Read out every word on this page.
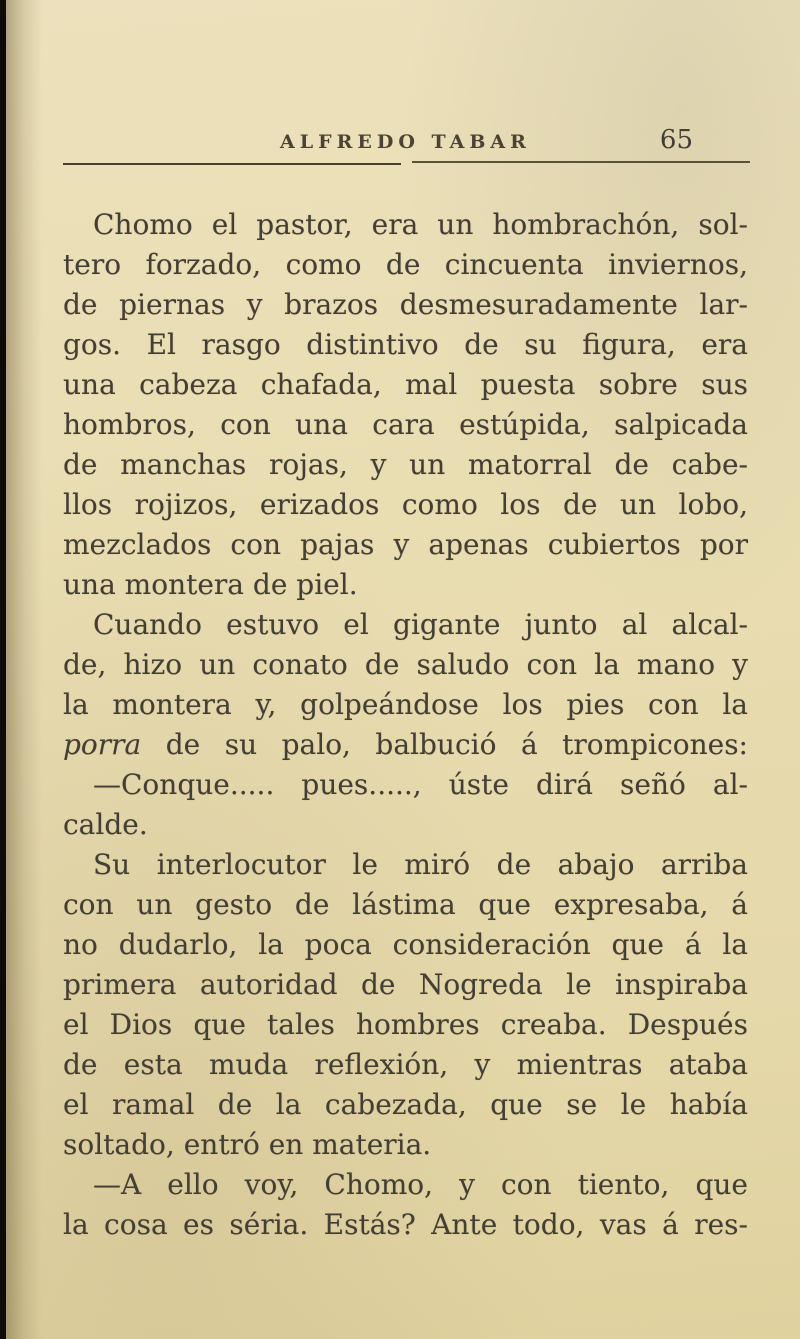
ALFREDO TABAR	65
Chomo el pastor, era un hombrachón, sol-
tero forzado, como de cincuenta inviernos,
de piernas y brazos desmesuradamente lar-
gos. El rasgo distintivo de su figura, era
una cabeza chafada, mal puesta sobre sus
hombros, con una cara estúpida, salpicada
de manchas rojas, y un matorral de cabe-
llos rojizos, erizados como los de un lobo,
mezclados con pajas y apenas cubiertos por
una montera de piel.
Cuando estuvo el gigante junto al alcal-
de, hizo un conato de saludo con la mano y
la montera y, golpeándose los pies con la
porra de su palo, balbució á trompicones:
—Conque..... pues....., úste dirá señó al-
calde.
Su interlocutor le miró de abajo arriba
con un gesto de lástima que expresaba, á
no dudarlo, la poca consideración que á la
primera autoridad de Nogreda le inspiraba
el Dios que tales hombres creaba. Después
de esta muda reflexión, y mientras ataba
el ramal de la cabezada, que se le había
soltado, entró en materia.
—A ello voy, Chomo, y con tiento, que
la cosa es séria. Estás? Ante todo, vas á res-
